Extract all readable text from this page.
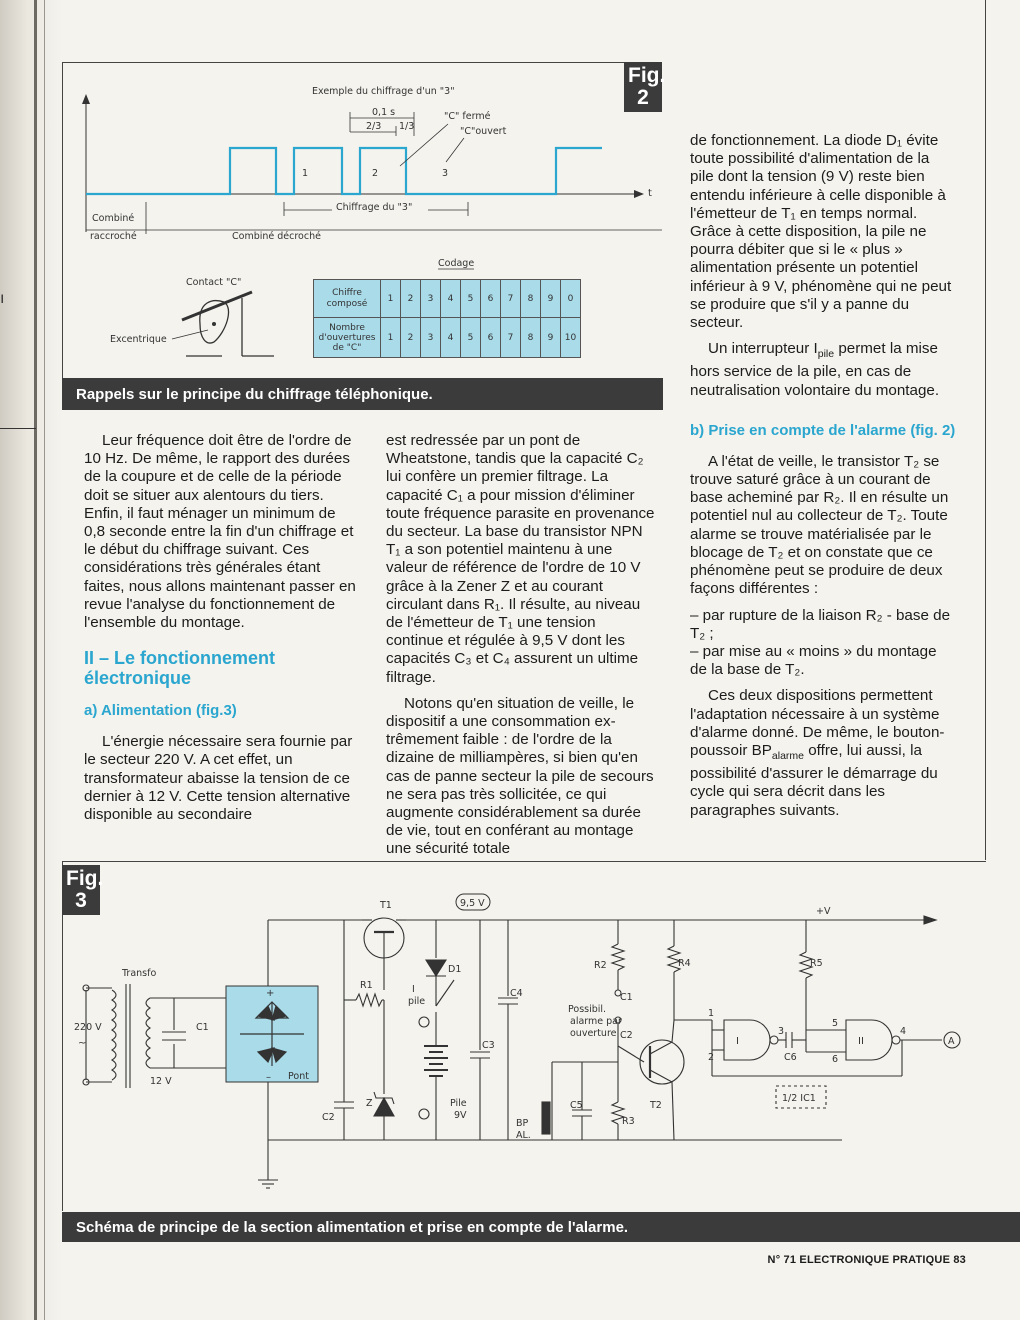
ı
Fig.
2
Exemple du chiffrage d'un "3"
0,1 s
2/3 1/3
"C" fermé
"C"ouvert
1	2	3
t
Chiffrage du "3"
Combiné
raccroché	Combiné décroché
Contact "C"
Excentrique
Codage
Chiffre
composé	1	2	3	4	5	6	7	8	9	0

Nombre
d'ouvertures
de "C"	1	2	3	4	5	6	7	8	9	10
Rappels sur le principe du chiffrage téléphonique.

Leur fréquence doit être de l'ordre de 10 Hz. De même, le rapport des durées de la coupure et de celle de la période doit se situer aux alentours du tiers. Enfin, il faut ménager un minimum de 0,8 seconde entre la fin d'un chiffrage et le début du chiffrage suivant. Ces considérations très générales étant faites, nous allons maintenant passer en revue l'analyse du fonctionnement de l'ensemble du montage.

II – Le fonctionnement électronique
a) Alimentation (fig.3)

L'énergie nécessaire sera fournie par le secteur 220 V. A cet effet, un transformateur abaisse la tension de ce dernier à 12 V. Cette tension alternative disponible au secondaire

est redressée par un pont de Wheatstone, tandis que la capacité C₂ lui confère un premier filtrage. La capacité C₁ a pour mission d'éliminer toute fréquence parasite en provenance du secteur. La base du transistor NPN T₁ a son potentiel maintenu à une valeur de référence de l'ordre de 10 V grâce à la Zener Z et au courant circulant dans R₁. Il résulte, au niveau de l'émetteur de T₁ une tension continue et régulée à 9,5 V dont les capacités C₃ et C₄ assurent un ultime filtrage.

Notons qu'en situation de veille, le dispositif a une consommation extrêmement faible : de l'ordre de la dizaine de milliampères, si bien qu'en cas de panne secteur la pile de secours ne sera pas très sollicitée, ce qui augmente considérablement sa durée de vie, tout en conférant au montage une sécurité totale

de fonctionnement. La diode D₁ évite toute possibilité d'alimentation de la pile dont la tension (9 V) reste bien entendu inférieure à celle disponible à l'émetteur de T₁ en temps normal. Grâce à cette disposition, la pile ne pourra débiter que si le « plus » alimentation présente un potentiel inférieur à 9 V, phénomène qui ne peut se produire que s'il y a panne du secteur.

Un interrupteur $I_{pile}$ permet la mise hors service de la pile, en cas de neutralisation volontaire du montage.

b) Prise en compte de l'alarme (fig. 2)

A l'état de veille, le transistor T₂ se trouve saturé grâce à un courant de base acheminé par R₂. Il en résulte un potentiel nul au collecteur de T₂. Toute alarme se trouve matérialisée par le blocage de T₂ et on constate que ce phénomène peut se produire de deux façons différentes :

– par rupture de la liaison R₂ - base de T₂ ;

– par mise au « moins » du montage de la base de T₂.

Ces deux dispositions permettent l'adaptation nécessaire à un système d'alarme donné. De même, le bouton-poussoir $BP_{alarme}$ offre, lui aussi, la possibilité d'assurer le démarrage du cycle qui sera décrit dans les paragraphes suivants.

Fig.
3
Transfo
220 V
~
12 V
C1
Pont
C2
+
–
T1	9,5 V
R1
Z
D1
I
pile
Pile
9V
C3
C4
R2
R3
R4	R5
Possibil.
alarme par
ouverture C2
C1
BP
AL.
C5	T2
+V
I	II
C6
1/2 IC1
1
2
3	4
5
6
A
Schéma de principe de la section alimentation et prise en compte de l'alarme.
N° 71 ELECTRONIQUE PRATIQUE 83
